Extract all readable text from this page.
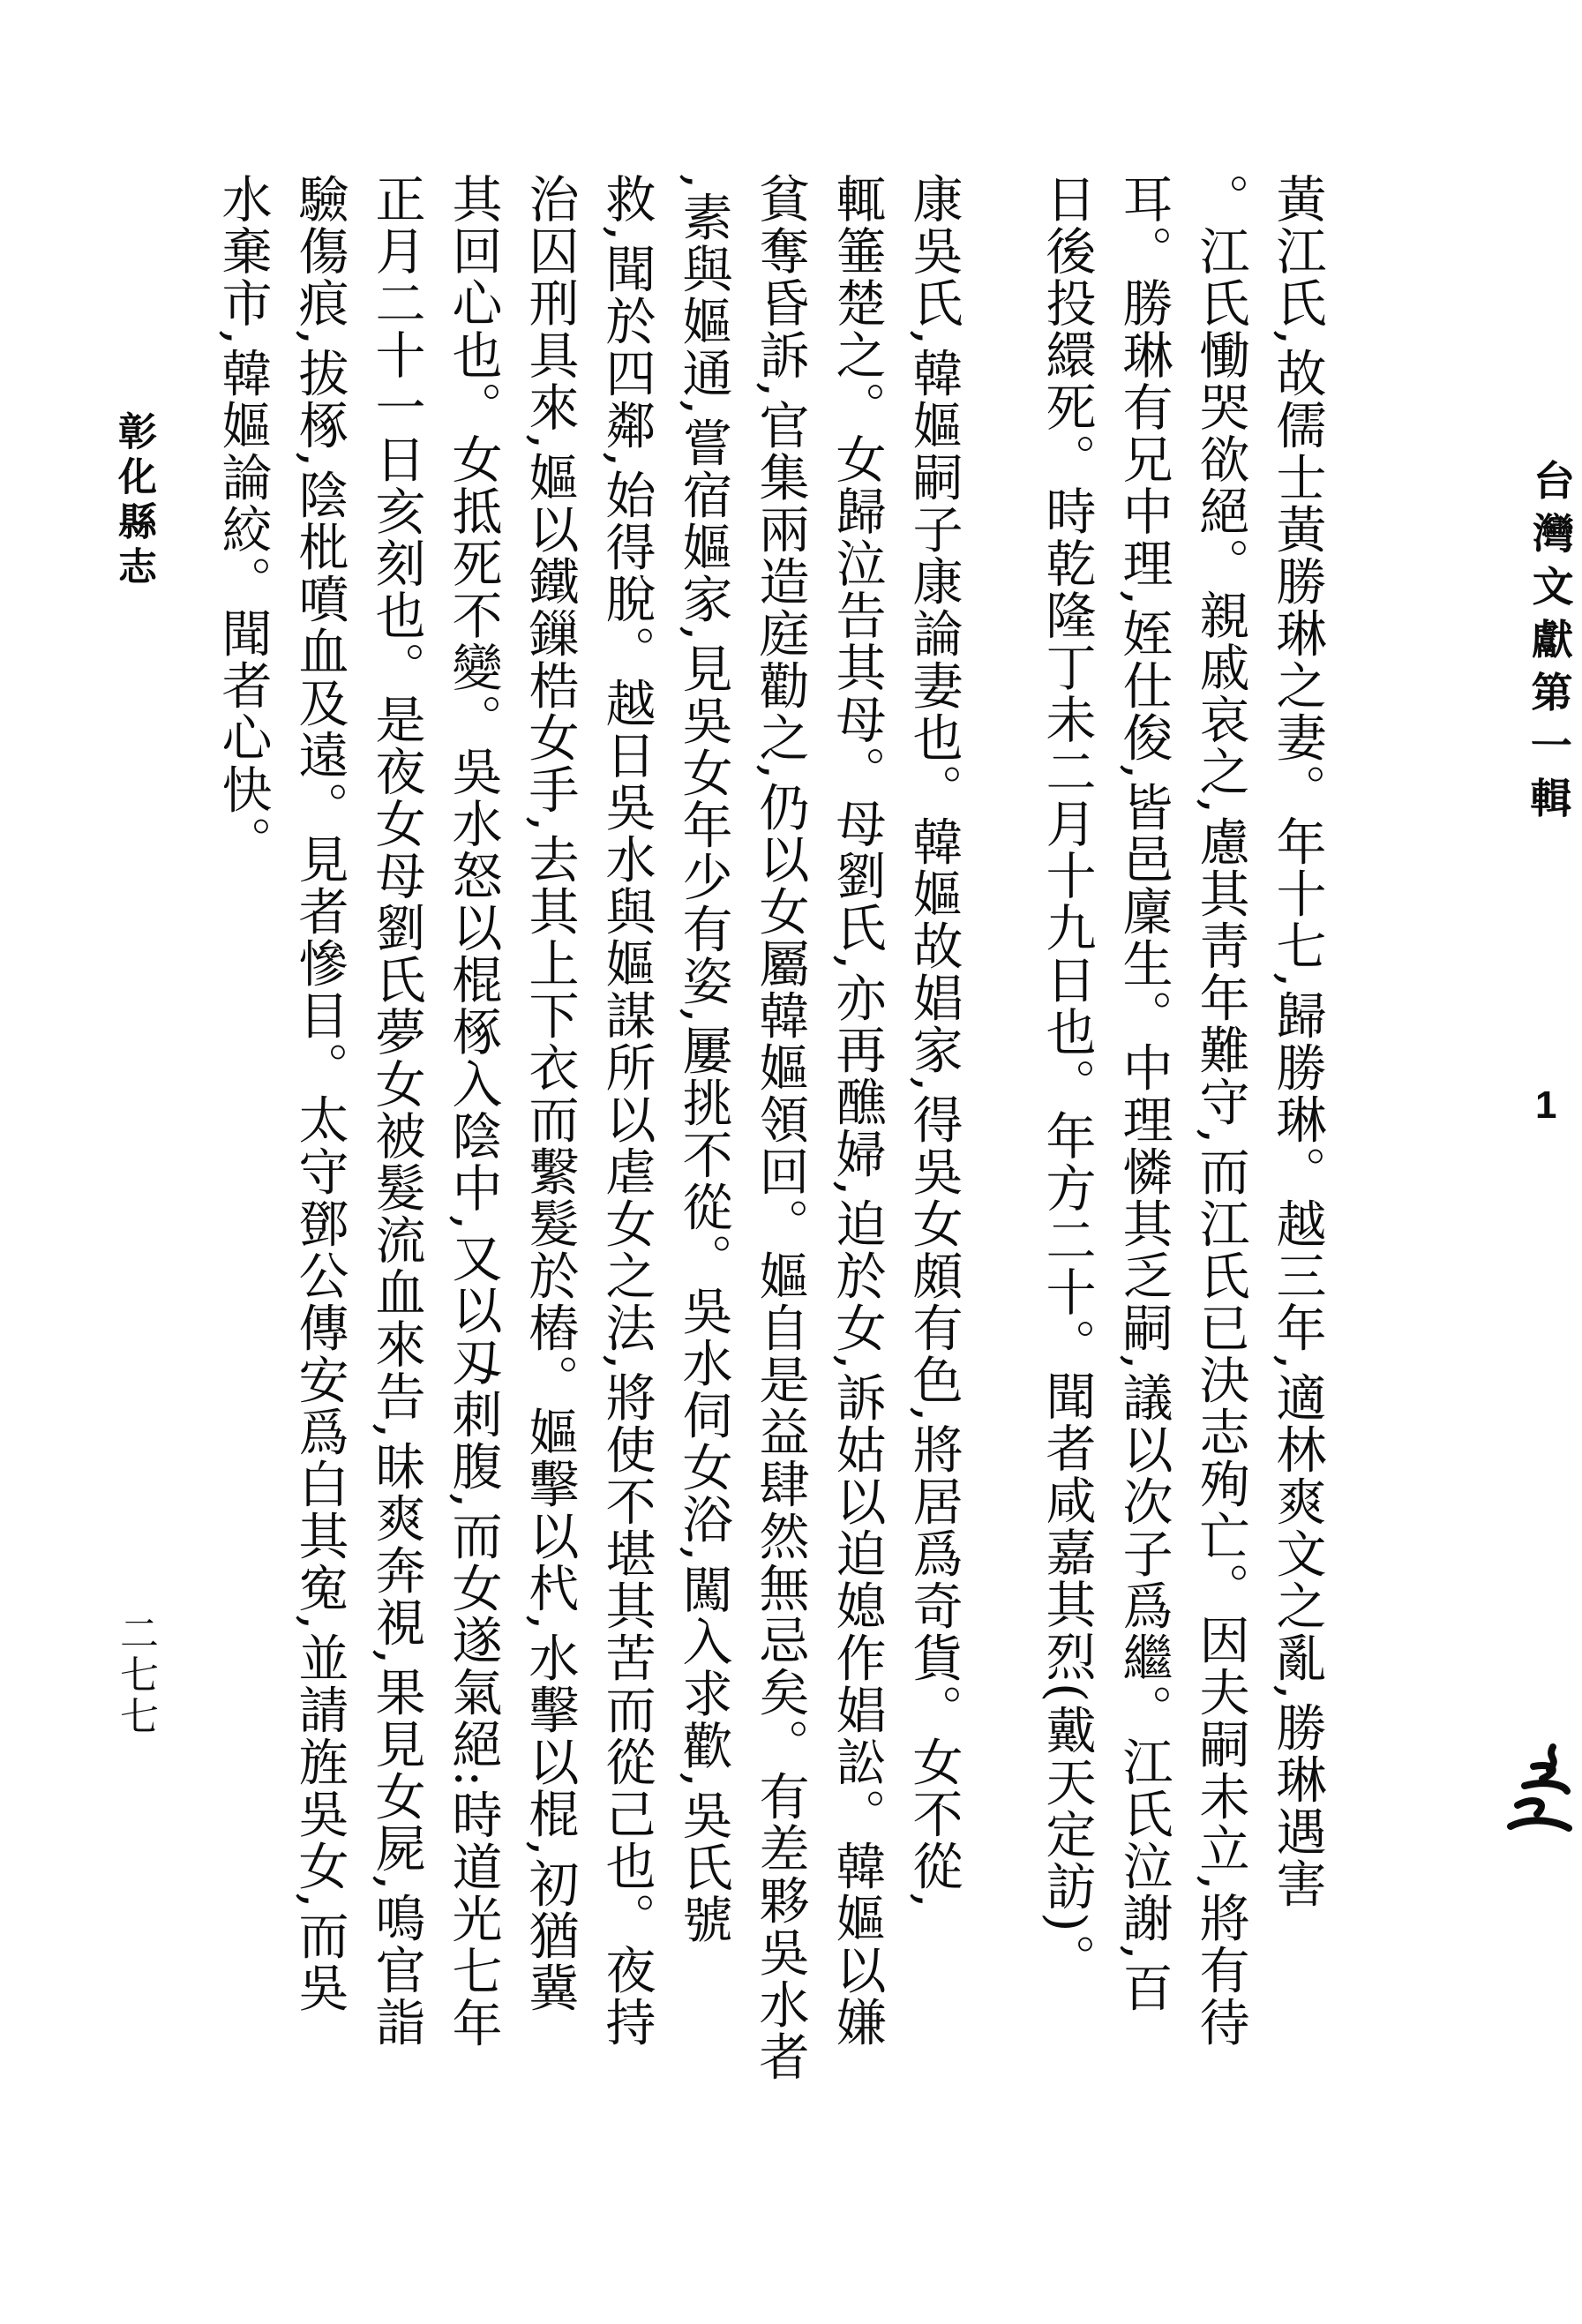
黃江氏,故儒士黃勝琳之妻。年十七,歸勝琳。越三年,適林爽文之亂,勝琳遇害
。江氏慟哭欲絕。親戚哀之,慮其靑年難守,而江氏已決志殉亡。因夫嗣未立,將有待
耳。勝琳有兄中理,姪仕俊,皆邑廩生。中理憐其乏嗣,議以次子爲繼。江氏泣謝,百
日後投繯死。時乾隆丁未二月十九日也。年方二十。聞者咸嘉其烈(戴天定訪)。
康吳氏,韓嫗嗣子康論妻也。韓嫗故娼家,得吳女頗有色,將居爲奇貨。女不從,
輒箠楚之。女歸泣告其母。母劉氏,亦再醮婦,迫於女,訴姑以迫媳作娼訟。韓嫗以嫌
貧奪昏訴,官集兩造庭勸之,仍以女屬韓嫗領回。嫗自是益肆然無忌矣。有差夥吳水者
,素與嫗通,嘗宿嫗家,見吳女年少有姿,屢挑不從。吳水伺女浴,闖入求歡,吳氏號
救,聞於四鄰,始得脫。越日吳水與嫗謀所以虐女之法,將使不堪其苦而從己也。夜持
治囚刑具來,嫗以鐵鏁梏女手,去其上下衣而繫髮於樁。嫗擊以杙,水擊以棍,初猶冀
其回心也。女抵死不變。吳水怒以棍椓入陰中,又以刄刺腹,而女遂氣絕:時道光七年
正月二十一日亥刻也。是夜女母劉氏夢女被髮流血來告,昧爽奔視,果見女屍,鳴官詣
驗傷痕,拔椓,陰枇噴血及遠。見者慘目。太守鄧公傳安爲白其寃,並請旌吳女,而吳
水棄市,韓嫗論絞。聞者心快。
彰化縣志
二七七
台灣文獻第一輯
1
